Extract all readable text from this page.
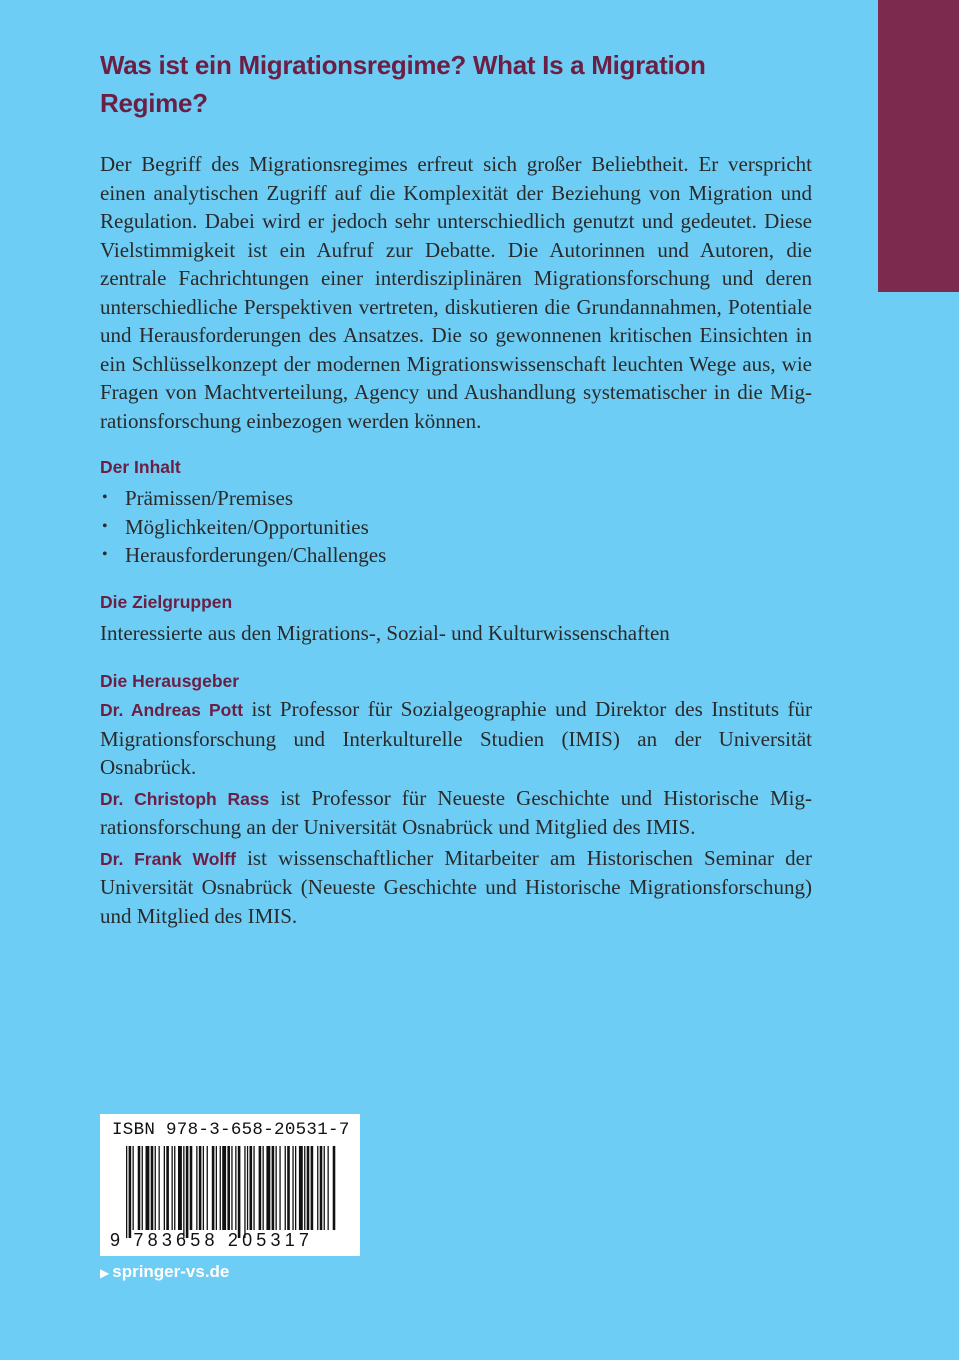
Was ist ein Migrationsregime? What Is a Migration Regime?

Der Begriff des Migrationsregimes erfreut sich großer Beliebtheit. Er verspricht einen analytischen Zugriff auf die Komplexität der Beziehung von Migration und Regulation. Dabei wird er jedoch sehr unterschiedlich genutzt und gedeutet. Diese Vielstimmigkeit ist ein Aufruf zur Debatte. Die Autorinnen und Autoren, die zentrale Fachrichtungen einer interdisziplinären Migrationsforschung und deren unterschiedliche Perspektiven vertreten, diskutieren die Grundannahmen, Potentiale und Herausforderungen des Ansatzes. Die so gewonnenen kritischen Einsichten in ein Schlüsselkonzept der modernen Migrationswissenschaft leuchten Wege aus, wie Fragen von Machtverteilung, Agency und Aushandlung systematischer in die Migrationsforschung einbezogen werden können.

Der Inhalt
• Prämissen/Premises
• Möglichkeiten/Opportunities
• Herausforderungen/Challenges
Die Zielgruppen

Interessierte aus den Migrations-, Sozial- und Kulturwissenschaften

Die Herausgeber

Dr. Andreas Pott ist Professor für Sozialgeographie und Direktor des Instituts für Migrationsforschung und Interkulturelle Studien (IMIS) an der Universität Osnabrück.

Dr. Christoph Rass ist Professor für Neueste Geschichte und Historische Migrationsforschung an der Universität Osnabrück und Mitglied des IMIS.

Dr. Frank Wolff ist wissenschaftlicher Mitarbeiter am Historischen Seminar der Universität Osnabrück (Neueste Geschichte und Historische Migrationsforschung) und Mitglied des IMIS.

ISBN 978-3-658-20531-7
9 783658 205317
▶ springer-vs.de
